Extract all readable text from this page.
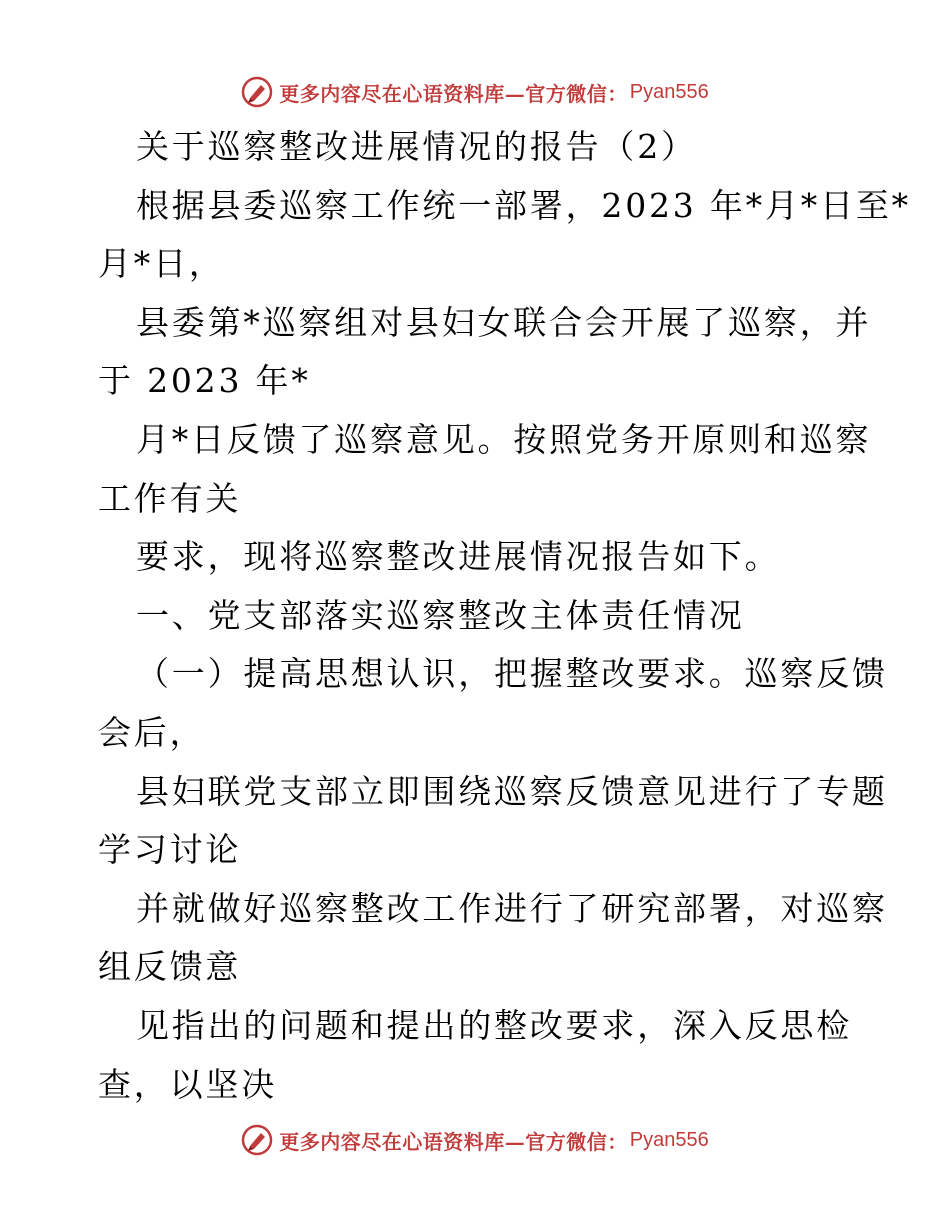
更多内容尽在心语资料库—官方微信： Pyan556
关于巡察整改进展情况的报告（2）
根据县委巡察工作统一部署，2023 年*月*日至*
月*日，
县委第*巡察组对县妇女联合会开展了巡察，并
于 2023 年*
月*日反馈了巡察意见。按照党务开原则和巡察
工作有关
要求，现将巡察整改进展情况报告如下。
一、党支部落实巡察整改主体责任情况
（一）提高思想认识，把握整改要求。巡察反馈
会后，
县妇联党支部立即围绕巡察反馈意见进行了专题
学习讨论
并就做好巡察整改工作进行了研究部署，对巡察
组反馈意
见指出的问题和提出的整改要求，深入反思检
查，以坚决
更多内容尽在心语资料库—官方微信： Pyan556
